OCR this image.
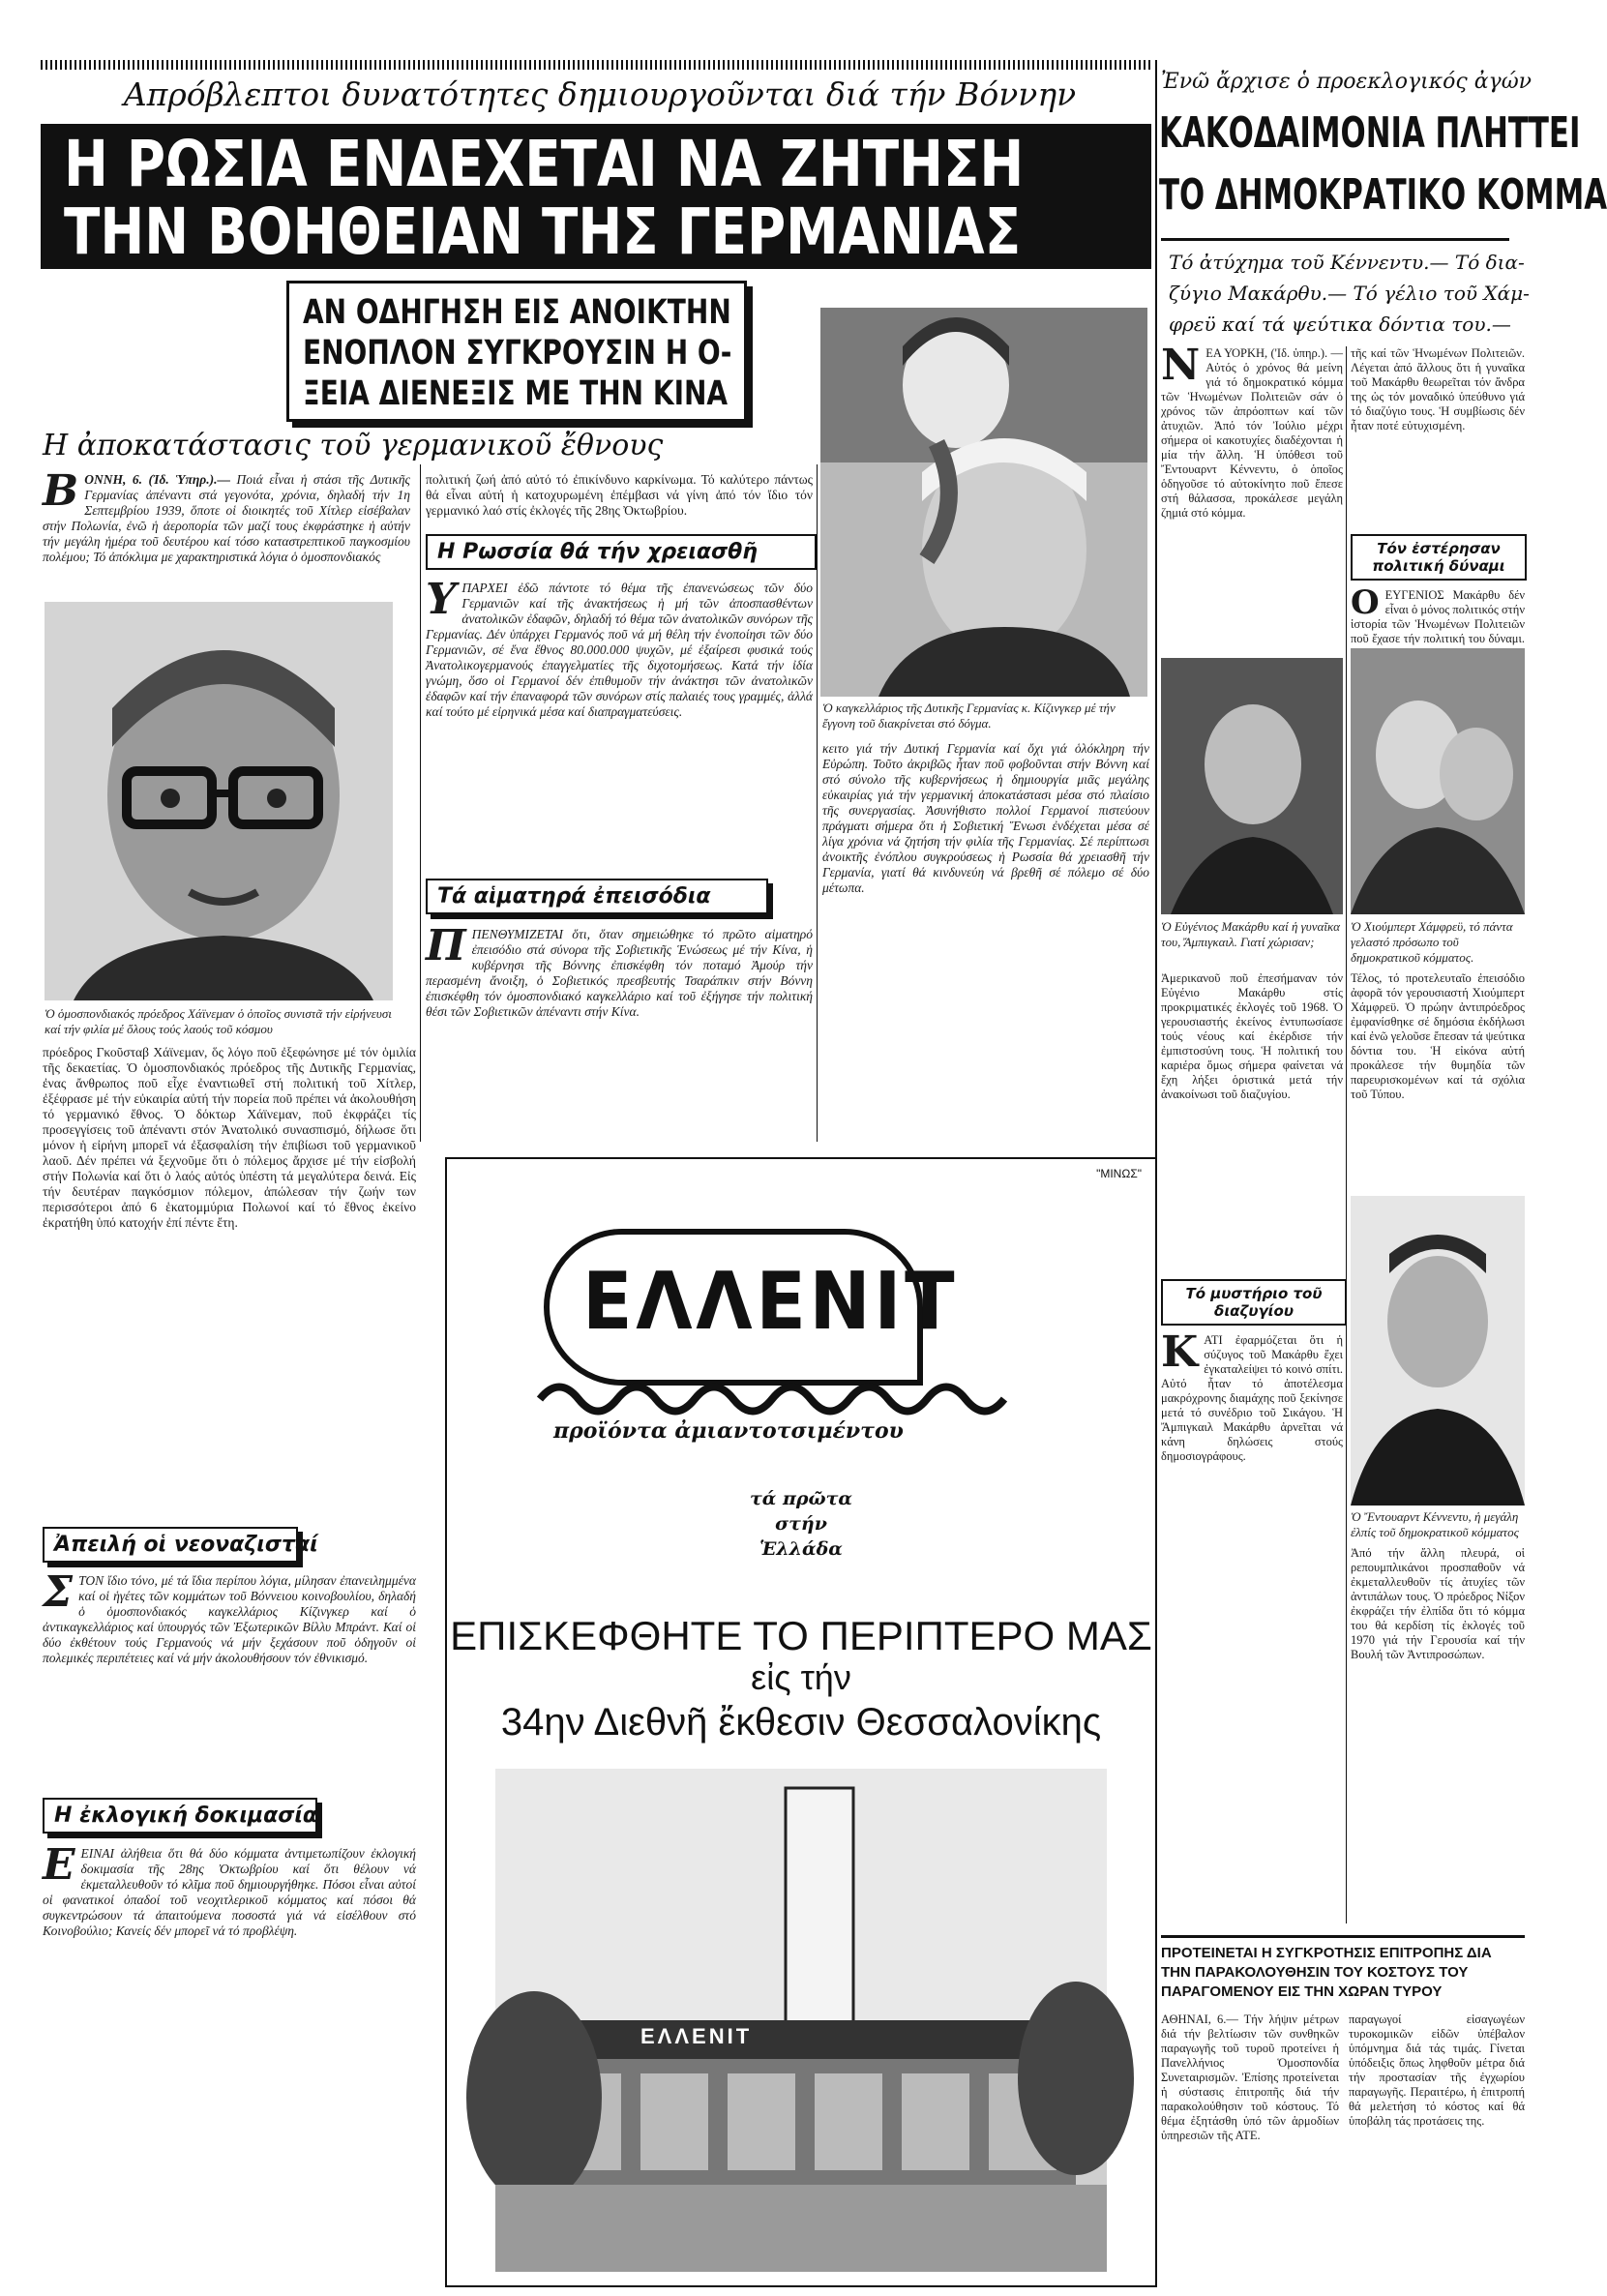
Απρόβλεπτοι δυνατότητες δημιουργοῦνται διά τήν Βόννην
Η ΡΩΣΙΑ ΕΝΔΕΧΕΤΑΙ ΝΑ ΖΗΤΗΣΗ
ΤΗΝ ΒΟΗΘΕΙΑΝ ΤΗΣ ΓΕΡΜΑΝΙΑΣ
ΑΝ ΟΔΗΓΗΣΗ ΕΙΣ ΑΝΟΙΚΤΗΝ
ΕΝΟΠΛΟΝ ΣΥΓΚΡΟΥΣΙΝ Η Ο-
ΞΕΙΑ ΔΙΕΝΕΞΙΣ ΜΕ ΤΗΝ ΚΙΝΑ
Η ἀποκατάστασις τοῦ γερμανικοῦ ἔθνους
ΒΟΝΝΗ, 6. (Ἰδ. Ὑπηρ.).— Ποιά εἶναι ἡ στάσι τῆς Δυτικῆς Γερμανίας ἀπέναντι στά γεγονότα, χρόνια, δηλαδή τήν 1η Σεπτεμβρίου 1939, ὅποτε οἱ διοικητές τοῦ Χίτλερ εἰσέβαλαν στήν Πολωνία, ἐνῶ ἡ ἀεροπορία τῶν μαζί τους ἐκφράστηκε ἡ αὐτήν τήν μεγάλη ἡμέρα τοῦ δευτέρου καί τόσο καταστρεπτικοῦ παγκοσμίου πολέμου; Τό ἀπόκλιμα με χαρακτηριστικά λόγια ὁ ὁμοσπονδιακός
Ὁ ὁμοσπονδιακός πρόεδρος Χάϊνεμαν ὁ ὁποῖος συνιστᾶ τήν εἰρήνευσι καί τήν φιλία μέ ὅλους τούς λαούς τοῦ κόσμου
πρόεδρος Γκοῦσταβ Χάϊνεμαν, ὅς λόγο ποῦ ἐξεφώνησε μέ τόν ὁμιλία τῆς δεκαετίας. Ὁ ὁμοσπονδιακός πρόεδρος τῆς Δυτικῆς Γερμανίας, ἐνας ἄνθρωπος ποῦ εἶχε ἐναντιωθεῖ στή πολιτική τοῦ Χίτλερ, ἐξέφρασε μέ τήν εὐκαιρία αὐτή τήν πορεία ποῦ πρέπει νά ἀκολουθήση τό γερμανικό ἔθνος. Ὁ δόκτωρ Χάϊνεμαν, ποῦ ἐκφράζει τίς προσεγγίσεις τοῦ ἀπέναντι στόν Ἀνατολικό συνασπισμό, δήλωσε ὅτι μόνον ἡ εἰρήνη μπορεῖ νά ἐξασφαλίση τήν ἐπιβίωσι τοῦ γερμανικοῦ λαοῦ. Δέν πρέπει νά ξεχνοῦμε ὅτι ὁ πόλεμος ἄρχισε μέ τήν εἰσβολή στήν Πολωνία καί ὅτι ὁ λαός αὐτός ὑπέστη τά μεγαλύτερα δεινά. Εἰς τήν δευτέραν παγκόσμιον πόλεμον, ἀπώλεσαν τήν ζωήν των περισσότεροι ἀπό 6 ἑκατομμύρια Πολωνοί καί τό ἔθνος ἐκείνο ἐκρατήθη ὑπό κατοχήν ἐπί πέντε ἔτη.
πολιτική ζωή ἀπό αὐτό τό ἐπικίνδυνο καρκίνωμα. Τό καλύτερο πάντως θά εἶναι αὐτή ἡ κατοχυρωμένη ἐπέμβασι νά γίνη ἀπό τόν ἴδιο τόν γερμανικό λαό στίς ἐκλογές τῆς 28ης Ὀκτωβρίου.
Η Ρωσσία θά τήν χρειασθῆ
ΥΠΑΡΧΕΙ ἐδῶ πάντοτε τό θέμα τῆς ἐπανενώσεως τῶν δύο Γερμανιῶν καί τῆς ἀνακτήσεως ἡ μή τῶν ἀποσπασθέντων ἀνατολικῶν ἐδαφῶν, δηλαδή τό θέμα τῶν ἀνατολικῶν συνόρων τῆς Γερμανίας. Δέν ὑπάρχει Γερμανός ποῦ νά μή θέλη τήν ἑνοποίησι τῶν δύο Γερμανιῶν, σέ ἕνα ἔθνος 80.000.000 ψυχῶν, μέ ἐξαίρεσι φυσικά τούς Ἀνατολικογερμανούς ἐπαγγελματίες τῆς διχοτομήσεως. Κατά τήν ἰδία γνώμη, ὅσο οἱ Γερμανοί δέν ἐπιθυμοῦν τήν ἀνάκτησι τῶν ἀνατολικῶν ἐδαφῶν καί τήν ἐπαναφορά τῶν συνόρων στίς παλαιές τους γραμμές, ἀλλά καί τούτο μέ εἰρηνικά μέσα καί διαπραγματεύσεις.
Τά αἱματηρά ἐπεισόδια
ΠΠΕΝΘΥΜΙΖΕΤΑΙ ὅτι, ὅταν σημειώθηκε τό πρῶτο αἱματηρό ἐπεισόδιο στά σύνορα τῆς Σοβιετικῆς Ἑνώσεως μέ τήν Κίνα, ἡ κυβέρνησι τῆς Βόννης ἐπισκέφθη τόν ποταμό Ἀμούρ τήν περασμένη ἄνοιξη, ὁ Σοβιετικός πρεσβευτής Τσαράπκιν στήν Βόννη ἐπισκέφθη τόν ὁμοσπονδιακό καγκελλάριο καί τοῦ ἐξήγησε τήν πολιτική θέσι τῶν Σοβιετικῶν ἀπέναντι στήν Κίνα.
Ὁ καγκελλάριος τῆς Δυτικῆς Γερμανίας κ. Κίζινγκερ μέ τήν ἔγγονη τοῦ διακρίνεται στό δόγμα.
κειτο γιά τήν Δυτική Γερμανία καί ὄχι γιά ὁλόκληρη τήν Εὐρώπη. Τοῦτο ἀκριβῶς ἦταν ποῦ φοβοῦνται στήν Βόννη καί στό σύνολο τῆς κυβερνήσεως ἡ δημιουργία μιᾶς μεγάλης εὐκαιρίας γιά τήν γερμανική ἀποκατάστασι μέσα στό πλαίσιο τῆς συνεργασίας. Ἀσυνήθιστο πολλοί Γερμανοί πιστεύουν πράγματι σήμερα ὅτι ἡ Σοβιετική Ἕνωσι ἐνδέχεται μέσα σέ λίγα χρόνια νά ζητήση τήν φιλία τῆς Γερμανίας. Σέ περίπτωσι ἀνοικτῆς ἐνόπλου συγκρούσεως ἡ Ρωσσία θά χρειασθῆ τήν Γερμανία, γιατί θά κινδυνεύη νά βρεθῆ σέ πόλεμο σέ δύο μέτωπα.
Ἀπειλή οἱ νεοναζισταί
ΣΤΟΝ ἴδιο τόνο, μέ τά ἴδια περίπου λόγια, μίλησαν ἐπανειλημμένα καί οἱ ἡγέτες τῶν κομμάτων τοῦ Βόννειου κοινοβουλίου, δηλαδή ὁ ὁμοσπονδιακός καγκελλάριος Κίζινγκερ καί ὁ ἀντικαγκελλάριος καί ὑπουργός τῶν Ἐξωτερικῶν Βίλλυ Μπράντ. Καί οἱ δύο ἐκθέτουν τούς Γερμανούς νά μήν ξεχάσουν ποῦ ὁδηγοῦν οἱ πολεμικές περιπέτειες καί νά μήν ἀκολουθήσουν τόν ἐθνικισμό.
Η ἐκλογική δοκιμασία
ΕΕΙΝΑΙ ἀλήθεια ὅτι θά δύο κόμματα ἀντιμετωπίζουν ἐκλογική δοκιμασία τῆς 28ης Ὀκτωβρίου καί ὅτι θέλουν νά ἐκμεταλλευθοῦν τό κλῖμα ποῦ δημιουργήθηκε. Πόσοι εἶναι αὐτοί οἱ φανατικοί ὀπαδοί τοῦ νεοχιτλερικοῦ κόμματος καί πόσοι θά συγκεντρώσουν τά ἀπαιτούμενα ποσοστά γιά νά εἰσέλθουν στό Κοινοβούλιο; Κανείς δέν μπορεῖ νά τό προβλέψη.
"ΜΙΝΩΣ"
ΕΛΛΕΝΙΤ
προϊόντα ἀμιαντοτσιμέντου
τά πρῶτα
στήν
Ἑλλάδα
ΕΠΙΣΚΕΦΘΗΤΕ ΤΟ ΠΕΡΙΠΤΕΡΟ ΜΑΣ
εἰς τήν
34ην Διεθνῆ ἔκθεσιν Θεσσαλονίκης
ΕΛΛΕΝΙΤ
Ἐνῶ ἄρχισε ὁ προεκλογικός ἀγών
ΚΑΚΟΔΑΙΜΟΝΙΑ ΠΛΗΤΤΕΙ
ΤΟ ΔΗΜΟΚΡΑΤΙΚΟ ΚΟΜΜΑ
Τό ἀτύχημα τοῦ Κέννεντυ.— Τό δια-
ζύγιο Μακάρθυ.— Τό γέλιο τοῦ Χάμ-
φρεϋ καί τά ψεύτικα δόντια του.—
ΝΕΑ ΥΟΡΚΗ, ('Ιδ. ὑπηρ.). — Αὐτός ὁ χρόνος θά μείνη γιά τό δημοκρατικό κόμμα τῶν Ἡνωμένων Πολιτειῶν σάν ὁ χρόνος τῶν ἀπρόοπτων καί τῶν ἀτυχιῶν. Ἀπό τόν Ἰούλιο μέχρι σήμερα οἱ κακοτυχίες διαδέχονται ἡ μία τήν ἄλλη. Ἡ ὑπόθεσι τοῦ Ἔντουαρντ Κέννεντυ, ὁ ὁποῖος ὁδηγοῦσε τό αὐτοκίνητο ποῦ ἔπεσε στή θάλασσα, προκάλεσε μεγάλη ζημιά στό κόμμα.
τῆς καί τῶν Ἡνωμένων Πολιτειῶν. Λέγεται ἀπό ἄλλους ὅτι ἡ γυναῖκα τοῦ Μακάρθυ θεωρεῖται τόν ἄνδρα της ὡς τόν μοναδικό ὑπεύθυνο γιά τό διαζύγιο τους. Ἡ συμβίωσις δέν ἦταν ποτέ εὐτυχισμένη.
Τόν ἐστέρησαν πολιτική δύναμι
ΟΕΥΓΕΝΙΟΣ Μακάρθυ δέν εἶναι ὁ μόνος πολιτικός στήν ἱστορία τῶν Ἡνωμένων Πολιτειῶν ποῦ ἔχασε τήν πολιτική του δύναμι.
Ὁ Εὐγένιος Μακάρθυ καί ἡ γυναῖκα του, Ἄμπιγκαιλ. Γιατί χώρισαν;
Ἀμερικανοῦ ποῦ ἐπεσήμαναν τόν Εὐγένιο Μακάρθυ στίς προκριματικές ἐκλογές τοῦ 1968. Ὁ γερουσιαστής ἐκείνος ἐντυπωσίασε τούς νέους καί ἐκέρδισε τήν ἐμπιστοσύνη τους. Ἡ πολιτική του καριέρα ὅμως σήμερα φαίνεται νά ἔχη λήξει ὁριστικά μετά τήν ἀνακοίνωσι τοῦ διαζυγίου.
Ὁ Χιούμπερτ Χάμφρεϋ, τό πάντα γελαστό πρόσωπο τοῦ δημοκρατικοῦ κόμματος.
Τέλος, τό προτελευταῖο ἐπεισόδιο ἀφορᾶ τόν γερουσιαστή Χιούμπερτ Χάμφρεϋ. Ὁ πρώην ἀντιπρόεδρος ἐμφανίσθηκε σέ δημόσια ἐκδήλωσι καί ἐνῶ γελοῦσε ἔπεσαν τά ψεύτικα δόντια του. Ἡ εἰκόνα αὐτή προκάλεσε τήν θυμηδία τῶν παρευρισκομένων καί τά σχόλια τοῦ Τύπου.
Τό μυστήριο τοῦ διαζυγίου
ΚΑΤΙ ἐφαρμόζεται ὅτι ἡ σύζυγος τοῦ Μακάρθυ ἔχει ἐγκαταλείψει τό κοινό σπίτι. Αὐτό ἦταν τό ἀποτέλεσμα μακρόχρονης διαμάχης ποῦ ξεκίνησε μετά τό συνέδριο τοῦ Σικάγου. Ἡ Ἄμπιγκαιλ Μακάρθυ ἀρνεῖται νά κάνη δηλώσεις στούς δημοσιογράφους.
Ὁ Ἔντουαρντ Κέννεντυ, ἡ μεγάλη ἐλπίς τοῦ δημοκρατικοῦ κόμματος
Ἀπό τήν ἄλλη πλευρά, οἱ ρεπουμπλικάνοι προσπαθοῦν νά ἐκμεταλλευθοῦν τίς ἀτυχίες τῶν ἀντιπάλων τους. Ὁ πρόεδρος Νίξον ἐκφράζει τήν ἐλπίδα ὅτι τό κόμμα του θά κερδίση τίς ἐκλογές τοῦ 1970 γιά τήν Γερουσία καί τήν Βουλή τῶν Ἀντιπροσώπων.
ΠΡΟΤΕΙΝΕΤΑΙ Η ΣΥΓΚΡΟΤΗΣΙΣ ΕΠΙΤΡΟΠΗΣ ΔΙΑ ΤΗΝ ΠΑΡΑΚΟΛΟΥΘΗΣΙΝ ΤΟΥ ΚΟΣΤΟΥΣ ΤΟΥ ΠΑΡΑΓΟΜΕΝΟΥ ΕΙΣ ΤΗΝ ΧΩΡΑΝ ΤΥΡΟΥ
ΑΘΗΝΑΙ, 6.— Τήν λήψιν μέτρων διά τήν βελτίωσιν τῶν συνθηκῶν παραγωγῆς τοῦ τυροῦ προτείνει ἡ Πανελλήνιος Ὁμοσπονδία Συνεταιρισμῶν. Ἐπίσης προτείνεται ἡ σύστασις ἐπιτροπῆς διά τήν παρακολούθησιν τοῦ κόστους. Τό θέμα ἐξητάσθη ὑπό τῶν ἁρμοδίων ὑπηρεσιῶν τῆς ΑΤΕ.
παραγωγοί εἰσαγωγέων τυροκομικῶν εἰδῶν ὑπέβαλον ὑπόμνημα διά τάς τιμάς. Γίνεται ὑπόδειξις ὅπως ληφθοῦν μέτρα διά τήν προστασίαν τῆς ἐγχωρίου παραγωγῆς. Περαιτέρω, ἡ ἐπιτροπή θά μελετήση τό κόστος καί θά ὑποβάλη τάς προτάσεις της.
